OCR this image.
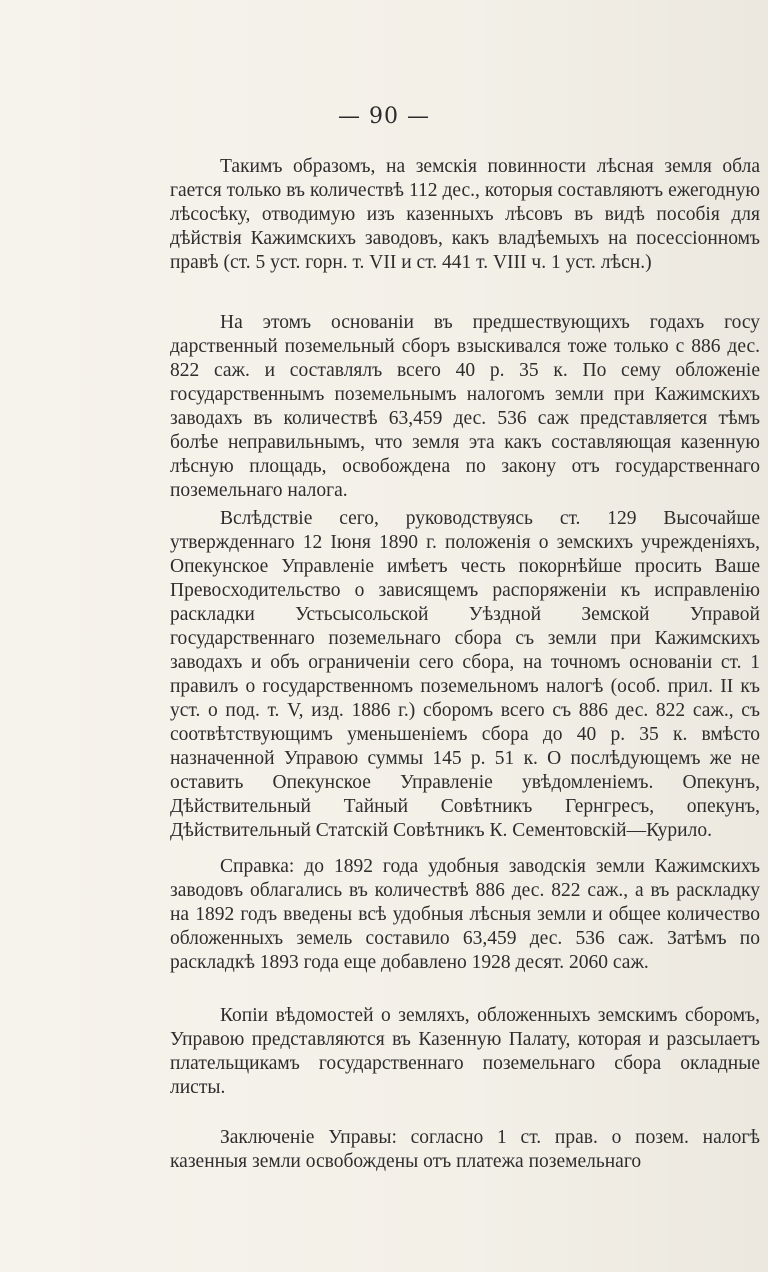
— 90 —

Такимъ образомъ, на земскія повинности лѣсная земля обла гается только въ количествѣ 112 дес., которыя составляютъ ежегодную лѣсосѣку, отводимую изъ казенныхъ лѣсовъ въ видѣ пособія для дѣйствія Кажимскихъ заводовъ, какъ владѣемыхъ на посессіонномъ правѣ (ст. 5 уст. горн. т. VII и ст. 441 т. VIII ч. 1 уст. лѣсн.)

На этомъ основаніи въ предшествующихъ годахъ госу дарственный поземельный сборъ взыскивался тоже только с 886 дес. 822 саж. и составлялъ всего 40 р. 35 к. По сему обложеніе государственнымъ поземельнымъ налогомъ земли при Кажимскихъ заводахъ въ количествѣ 63,459 дес. 536 саж представляется тѣмъ болѣе неправильнымъ, что земля эта какъ составляющая казенную лѣсную площадь, освобождена по закону отъ государственнаго поземельнаго налога.

Вслѣдствіе сего, руководствуясь ст. 129 Высочайше утвержденнаго 12 Іюня 1890 г. положенія о земскихъ учрежденіяхъ, Опекунское Управленіе имѣетъ честь покорнѣйше просить Ваше Превосходительство о зависящемъ распоряженіи къ исправленію раскладки Устьсысольской Уѣздной Земской Управой государственнаго поземельнаго сбора съ земли при Кажимскихъ заводахъ и объ ограниченіи сего сбора, на точномъ основаніи ст. 1 правилъ о государственномъ поземельномъ налогѣ (особ. прил. II къ уст. о под. т. V, изд. 1886 г.) сборомъ всего съ 886 дес. 822 саж., съ соотвѣтствующимъ уменьшеніемъ сбора до 40 р. 35 к. вмѣсто назначенной Управою суммы 145 р. 51 к. О послѣдующемъ же не оставить Опекунское Управленіе увѣдомленіемъ. Опекунъ, Дѣйствительный Тайный Совѣтникъ Гернгресъ, опекунъ, Дѣйствительный Статскій Совѣтникъ К. Сементовскій—Курило.

Справка: до 1892 года удобныя заводскія земли Кажимскихъ заводовъ облагались въ количествѣ 886 дес. 822 саж., а въ раскладку на 1892 годъ введены всѣ удобныя лѣсныя земли и общее количество обложенныхъ земель составило 63,459 дес. 536 саж. Затѣмъ по раскладкѣ 1893 года еще добавлено 1928 десят. 2060 саж.

Копіи вѣдомостей о земляхъ, обложенныхъ земскимъ сборомъ, Управою представляются въ Казенную Палату, которая и разсылаетъ плательщикамъ государственнаго поземельнаго сбора окладные листы.

Заключеніе Управы: согласно 1 ст. прав. о позем. налогѣ казенныя земли освобождены отъ платежа поземельнаго
